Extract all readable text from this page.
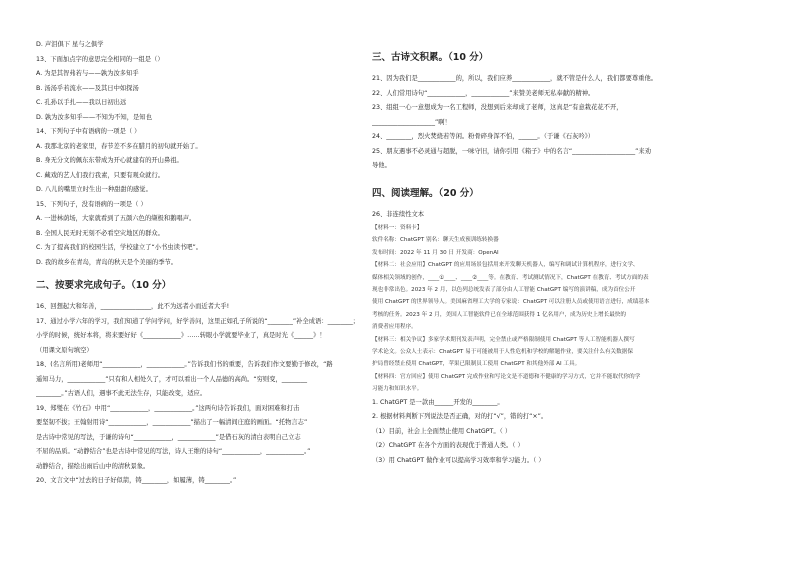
D. 声泪俱下 星与之俱学
13、下面加点字的意思完全相同的一组是（）
A. 为是其智弗若与——孰为汝多知乎
B. 汤汤乎若流水——及其日中如探汤
C. 孔孙以手扎——我以日初出远
D. 孰为汝多知乎——不知为不知，是知也
14、下列句子中有语病的一项是（ ）
A. 我那北京的老家里，春节差不多在腊月的初旬就开始了。
B. 身无分文的佩东东带成为开心就建有的开山鼻祖。
C. 藏戏的艺人们我行我素，只要有观众就行。
D. 八儿的嘴里立时生出一种甜甜的感觉。
15、下列句子，没有语病的一项是（ ）
A. 一进林荫场，大家就看到了五颜六色的缬极和鹅唱声。
B. 全国人民无时无刻不必看空灾地区的群众。
C. 为了提高我们的校园生活，学校建立了“小书虫读书吧”。
D. 我的故乡在青岛，青岛的秋天是个美丽的季节。
二、按要求完成句子。（10 分）
16、回想起大和年善，________________，此不为远者小而近者大乎!
17、通过小学六年的学习，我们知道了学问学问，好学善问，这里正如孔子所说的“________”补全成语：________；
小学的时候，统好本将，将来要好好《____________》……转眼小学就要毕业了，真是时光《______》！
（用课文原句填空）
18、(名言所用)老师用“____________，____________。”告诉我们书的重要，告诉我们作文要勤于修改，“路
遥知马力，____________”只有和人相处久了，才可以看出一个人品德的高尚。“穷则变，________
________。”古语人们，遇事不此无法生存，只能改变，适应。
19、郑燮在《竹石》中用“____________，____________。”这两句诗告诉我们，面对困难和打击
要坚韧不拔；王翰射用诗“____________，____________”描出了一幅清间庄庭的画面。“托物言志”
是古诗中常见的写法，于谦的诗句“____________，____________”是借石灰的清白表明自己立志
不屈的品质。“动静结合”也是古诗中常见的写法，诗人王维的诗句“____________，____________。”
动静结合，描绘出雨后山中的清秋景象。
20、文言文中“过去的日子好似箭，铸________，如履薄，铸________。”
三、古诗文积累。（10 分）
21、因为我们是____________的，所以，我们应养____________，就不管是什么人，我们都要尊重他。
22、人们常用诗句“____________，____________”来赞美老师无私奉献的精神。
23、组组一心一意想成为一名工程师，没想到后来却成了老师，这真是“有意栽花花不开，
____________________”啊！
24、________，烈火焚烧若等闲。粉骨碎身浑不怕，______。（于谦《石灰吟》）
25、朋友遇事不必灵通与超脱，一味守旧，请你引用《箱子》中的名言“____________________”来劝
导他。
四、阅读理解。（20 分）
26、非连续性文本
【材料一：资料卡】
软件名称：ChatGPT 别名：聊天生成预训练转换器
发布时间：2022 年 11 月 30 日 开发商：OpenAI
【材料二：社会应用】ChatGPT 的应用场景包括用来开发聊天机器人，编写和调试计算机程序，进行文学、
媒体相关领域的创作，____①____、____②____等。在教育、考试测试情况下，ChatGPT 在教育、考试方面的表
现也非常出色。2023 年 2 月，以色列总统发表了部分由人工智能 ChatGPT 编写的演讲稿，成为首位公开
使用 ChatGPT 的世界领导人。美国麻省理工大学的专家说：ChatGPT 可以注册人员或使用语言进行，成绩基本
考核的任务。2023 年 2 月，美国人工智能软件已在全球范围获得 1 亿名用户，成为历史上增长最快的
消费者应用程序。
【材料三：相关争议】多家学术期刊发表声明，完全禁止或严格限制使用 ChatGPT 等人工智能机器人撰写
学术论文。公众人士表示：ChatGPT 易于可能被用于人性危机和学校的解题作业，要关注什么有关数据保
护局曾经禁止使用 ChatGPT，苹果已限制员工使用 ChatGPT 和其他外部 AI 工具。
【材料四：官方回应】使用 ChatGPT 完成作业和写论文是不道德和不健康的学习方式，它并不能取代你的学
习能力和知识水平。
1. ChatGPT 是一款由______开发的________。
2. 根据材料判断下列说法是否正确，对的打“√”，错的打“×”。
（1）目前，社会上全面禁止使用 ChatGPT。（ ）
（2）ChatGPT 在各个方面的表现优于普通人类。（ ）
（3）用 ChatGPT 做作业可以提高学习效率和学习能力。（ ）
